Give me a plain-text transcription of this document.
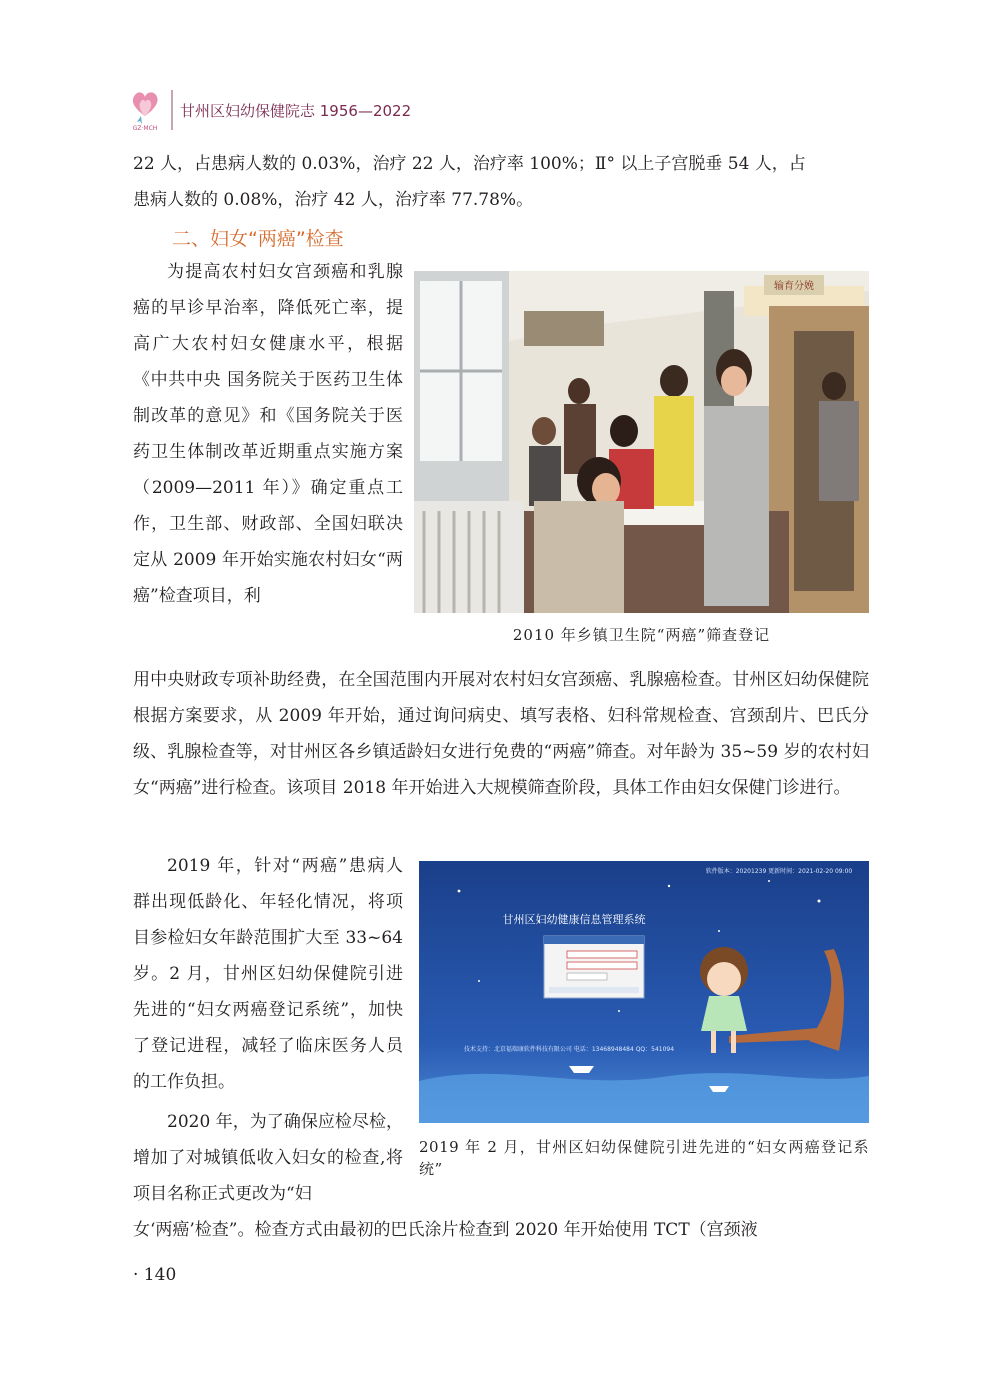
GZ·MCH
甘州区妇幼保健院志 1956—2022
22 人，占患病人数的 0.03%，治疗 22 人，治疗率 100%；Ⅱ° 以上子宫脱垂 54 人，占
患病人数的 0.08%，治疗 42 人，治疗率 77.78%。
二、妇女“两癌”检查
为提高农村妇女宫颈癌和乳腺癌的早诊早治率，降低死亡率，提高广大农村妇女健康水平，根据《中共中央 国务院关于医药卫生体制改革的意见》和《国务院关于医药卫生体制改革近期重点实施方案（2009—2011 年）》确定重点工作，卫生部、财政部、全国妇联决定从 2009 年开始实施农村妇女“两癌”检查项目，利
输育分娩
2010 年乡镇卫生院“两癌”筛查登记
用中央财政专项补助经费，在全国范围内开展对农村妇女宫颈癌、乳腺癌检查。甘州区妇幼保健院根据方案要求，从 2009 年开始，通过询问病史、填写表格、妇科常规检查、宫颈刮片、巴氏分级、乳腺检查等，对甘州区各乡镇适龄妇女进行免费的“两癌”筛查。对年龄为 35~59 岁的农村妇女“两癌”进行检查。该项目 2018 年开始进入大规模筛查阶段，具体工作由妇女保健门诊进行。
2019 年，针对“两癌”患病人群出现低龄化、年轻化情况，将项目参检妇女年龄范围扩大至 33~64 岁。2 月，甘州区妇幼保健院引进先进的“妇女两癌登记系统”，加快了登记进程，减轻了临床医务人员的工作负担。
软件版本：20201239 更新时间：2021-02-20 09:00
甘州区妇幼健康信息管理系统
技术支持：北京福瑞康软件科技有限公司 电话：13468948484 QQ：541094
2019 年 2 月，甘州区妇幼保健院引进先进的“妇女两癌登记系统”
2020 年，为了确保应检尽检，增加了对城镇低收入妇女的检查,将项目名称正式更改为“妇
女‘两癌’检查”。检查方式由最初的巴氏涂片检查到 2020 年开始使用 TCT（宫颈液
· 140
